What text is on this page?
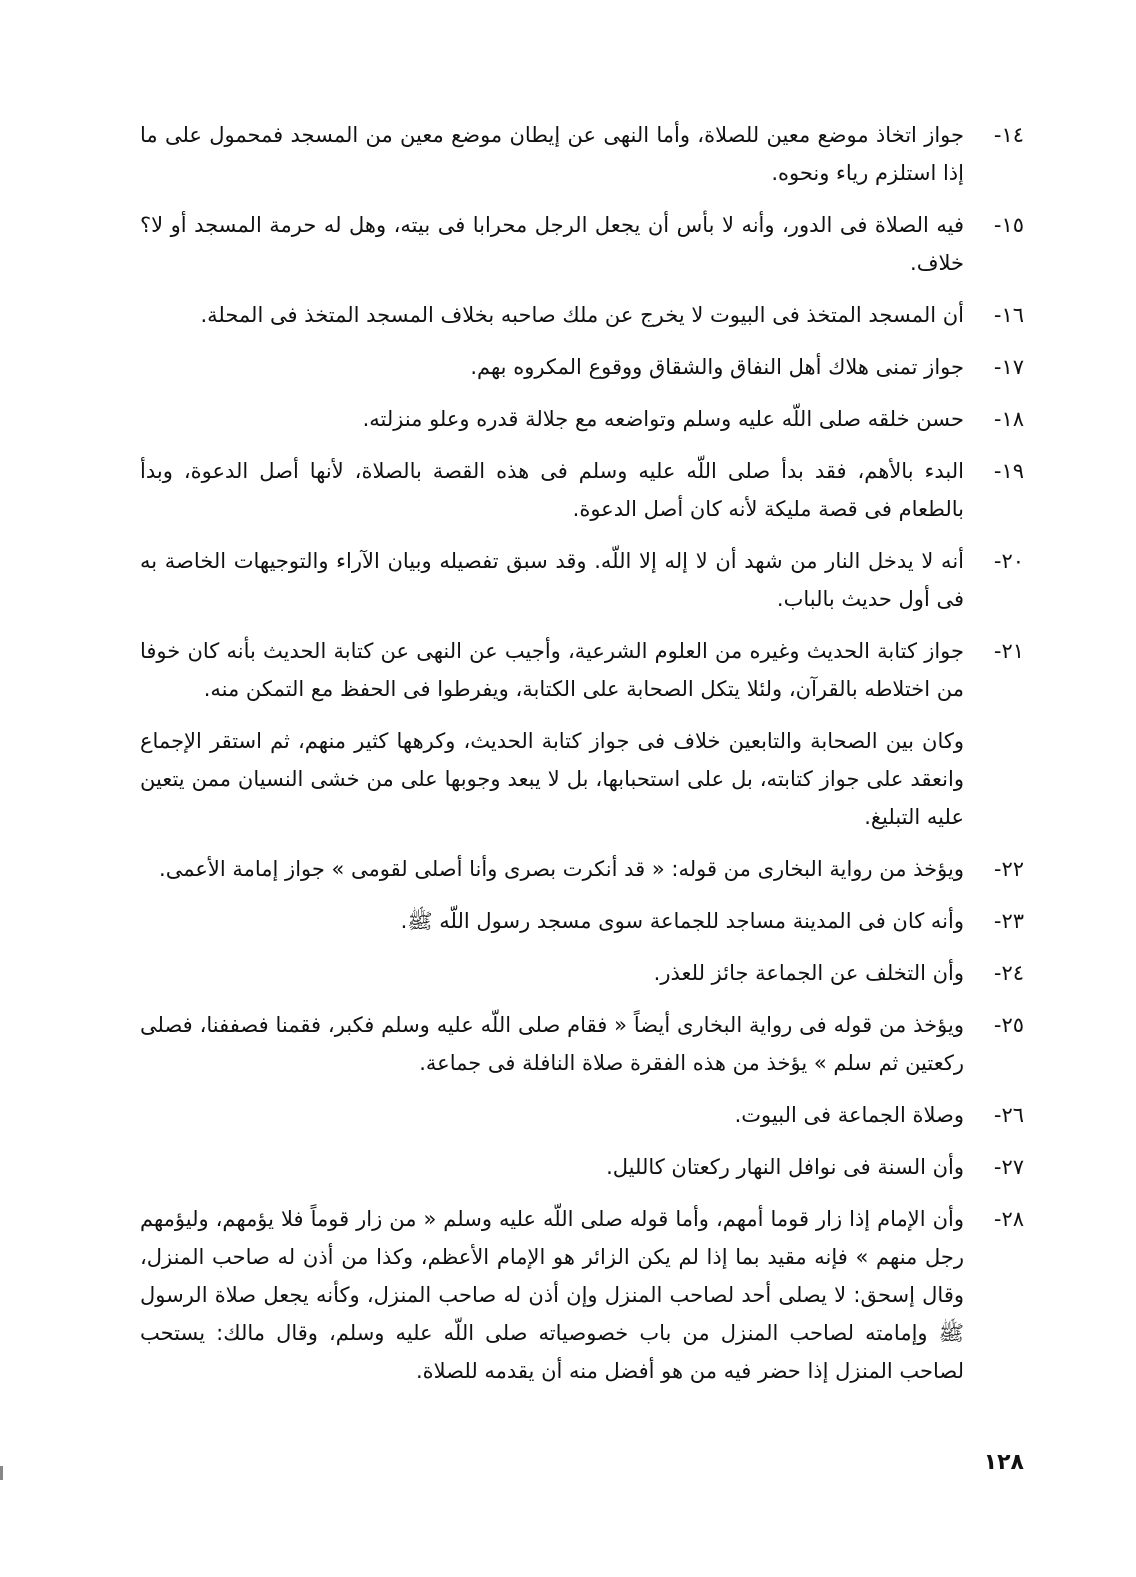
١٤-
جواز اتخاذ موضع معين للصلاة، وأما النهى عن إيطان موضع معين من المسجد فمحمول على ما إذا استلزم رياء ونحوه.
١٥-
فيه الصلاة فى الدور، وأنه لا بأس أن يجعل الرجل محرابا فى بيته، وهل له حرمة المسجد أو لا؟ خلاف.
١٦-
أن المسجد المتخذ فى البيوت لا يخرج عن ملك صاحبه بخلاف المسجد المتخذ فى المحلة.
١٧-
جواز تمنى هلاك أهل النفاق والشقاق ووقوع المكروه بهم.
١٨-
حسن خلقه صلى اللّه عليه وسلم وتواضعه مع جلالة قدره وعلو منزلته.
١٩-
البدء بالأهم، فقد بدأ صلى اللّه عليه وسلم فى هذه القصة بالصلاة، لأنها أصل الدعوة، وبدأ بالطعام فى قصة مليكة لأنه كان أصل الدعوة.
٢٠-
أنه لا يدخل النار من شهد أن لا إله إلا اللّه. وقد سبق تفصيله وبيان الآراء والتوجيهات الخاصة به فى أول حديث بالباب.
٢١-
جواز كتابة الحديث وغيره من العلوم الشرعية، وأجيب عن النهى عن كتابة الحديث بأنه كان خوفا من اختلاطه بالقرآن، ولئلا يتكل الصحابة على الكتابة، ويفرطوا فى الحفظ مع التمكن منه.
وكان بين الصحابة والتابعين خلاف فى جواز كتابة الحديث، وكرهها كثير منهم، ثم استقر الإجماع وانعقد على جواز كتابته، بل على استحبابها، بل لا يبعد وجوبها على من خشى النسيان ممن يتعين عليه التبليغ.
٢٢-
ويؤخذ من رواية البخارى من قوله: « قد أنكرت بصرى وأنا أصلى لقومى » جواز إمامة الأعمى.
٢٣-
وأنه كان فى المدينة مساجد للجماعة سوى مسجد رسول اللّه ﷺ.
٢٤-
وأن التخلف عن الجماعة جائز للعذر.
٢٥-
ويؤخذ من قوله فى رواية البخارى أيضاً « فقام صلى اللّه عليه وسلم فكبر، فقمنا فصففنا، فصلى ركعتين ثم سلم » يؤخذ من هذه الفقرة صلاة النافلة فى جماعة.
٢٦-
وصلاة الجماعة فى البيوت.
٢٧-
وأن السنة فى نوافل النهار ركعتان كالليل.
٢٨-
وأن الإمام إذا زار قوما أمهم، وأما قوله صلى اللّه عليه وسلم « من زار قوماً فلا يؤمهم، وليؤمهم رجل منهم » فإنه مقيد بما إذا لم يكن الزائر هو الإمام الأعظم، وكذا من أذن له صاحب المنزل، وقال إسحق: لا يصلى أحد لصاحب المنزل وإن أذن له صاحب المنزل، وكأنه يجعل صلاة الرسول ﷺ وإمامته لصاحب المنزل من باب خصوصياته صلى اللّه عليه وسلم، وقال مالك: يستحب لصاحب المنزل إذا حضر فيه من هو أفضل منه أن يقدمه للصلاة.
١٢٨
